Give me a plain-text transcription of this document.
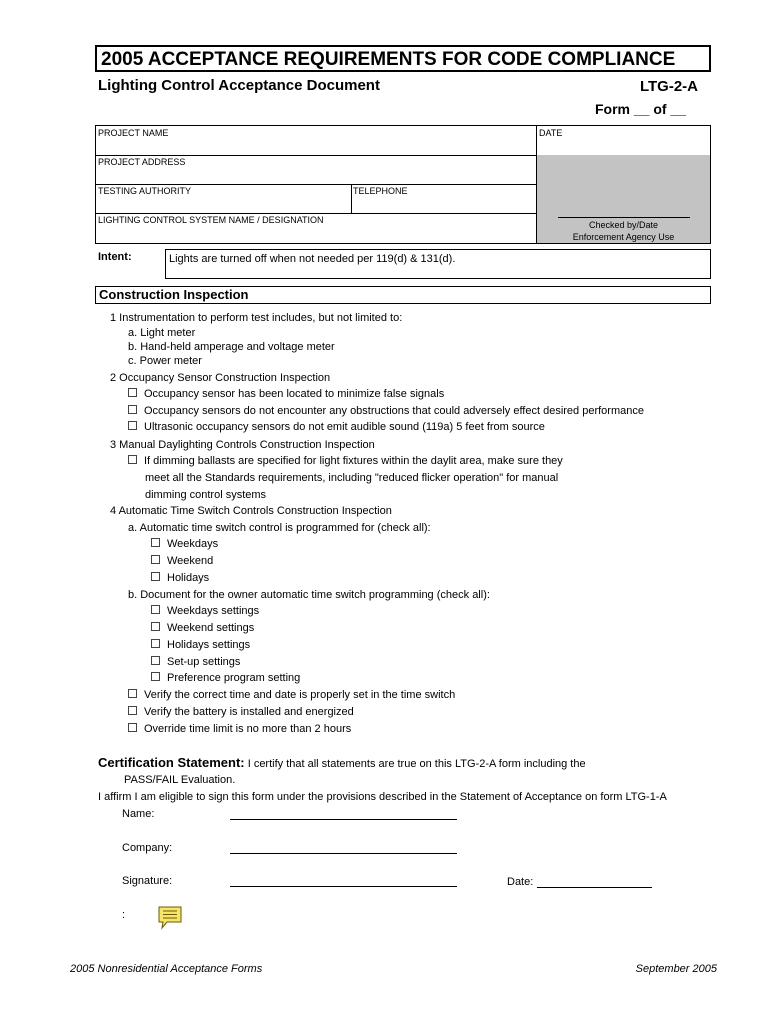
2005 ACCEPTANCE REQUIREMENTS FOR CODE COMPLIANCE
Lighting Control Acceptance Document	LTG-2-A
Form __ of __
PROJECT NAME	DATE
PROJECT ADDRESS
TESTING AUTHORITY	TELEPHONE
LIGHTING CONTROL SYSTEM NAME / DESIGNATION	Checked by/Date
Enforcement Agency Use
Intent:	Lights are turned off when not needed per 119(d) & 131(d).
Construction Inspection
1 Instrumentation to perform test includes, but not limited to:
a. Light meter
b. Hand-held amperage and voltage meter
c. Power meter
2 Occupancy Sensor Construction Inspection
Occupancy sensor has been located to minimize false signals
Occupancy sensors do not encounter any obstructions that could adversely effect desired performance
Ultrasonic occupancy sensors do not emit audible sound (119a) 5 feet from source
3 Manual Daylighting Controls Construction Inspection
If dimming ballasts are specified for light fixtures within the daylit area, make sure they
meet all the Standards requirements, including "reduced flicker operation" for manual
dimming control systems
4 Automatic Time Switch Controls Construction Inspection
a. Automatic time switch control is programmed for (check all):
Weekdays
Weekend
Holidays
b. Document for the owner automatic time switch programming (check all):
Weekdays settings
Weekend settings
Holidays settings
Set-up settings
Preference program setting
Verify the correct time and date is properly set in the time switch
Verify the battery is installed and energized
Override time limit is no more than 2 hours
Certification Statement: I certify that all statements are true on this LTG-2-A form including the
PASS/FAIL Evaluation.
I affirm I am eligible to sign this form under the provisions described in the Statement of Acceptance on form LTG-1-A
Name:
Company:
Signature:	Date:
:
2005 Nonresidential Acceptance Forms	September 2005
